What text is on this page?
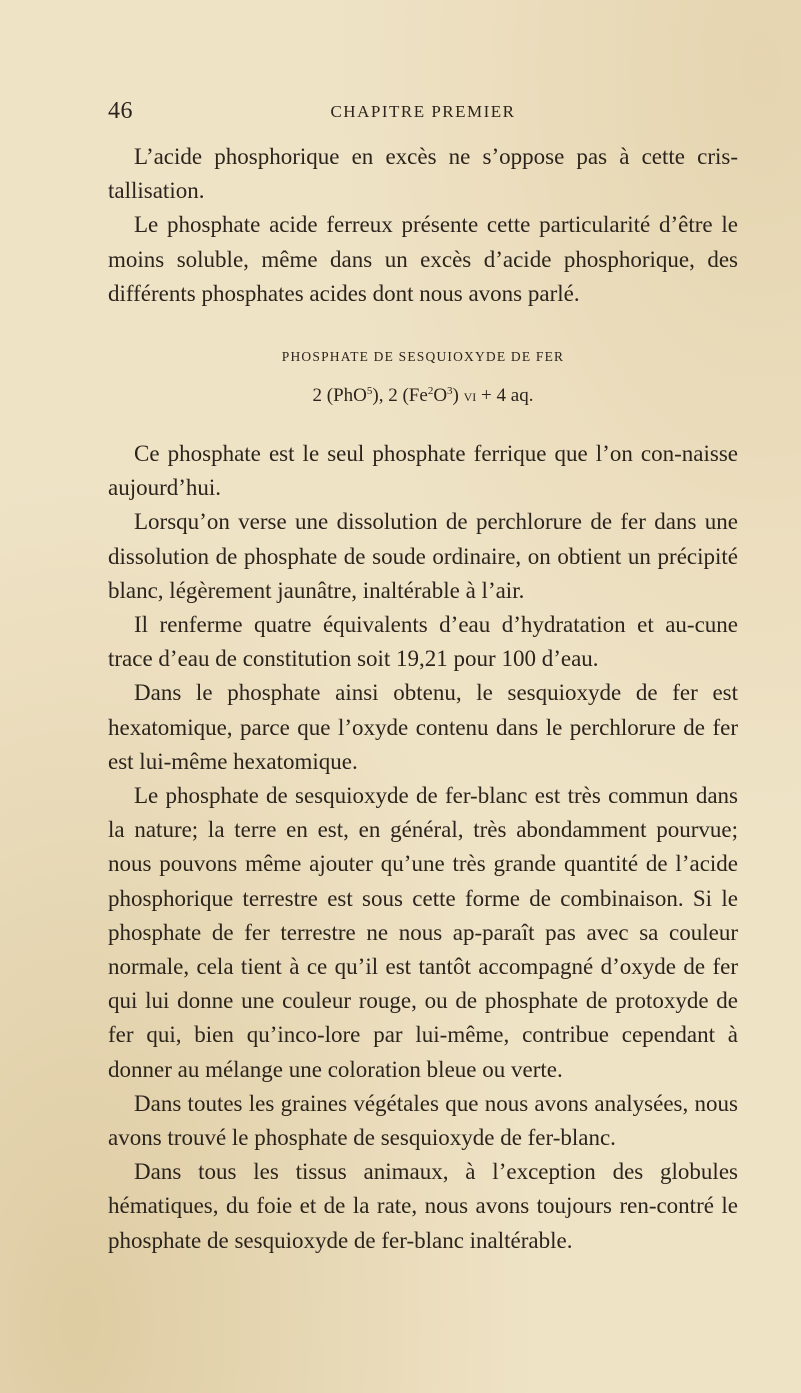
46	CHAPITRE PREMIER

L’acide phosphorique en excès ne s’oppose pas à cette cris-tallisation.

Le phosphate acide ferreux présente cette particularité d’être le moins soluble, même dans un excès d’acide phosphorique, des différents phosphates acides dont nous avons parlé.

PHOSPHATE DE SESQUIOXYDE DE FER

2 (PhO$^5$), 2 $(Fe^2O^3)$ VI + 4 aq.

Ce phosphate est le seul phosphate ferrique que l’on con-naisse aujourd’hui.

Lorsqu’on verse une dissolution de perchlorure de fer dans une dissolution de phosphate de soude ordinaire, on obtient un précipité blanc, légèrement jaunâtre, inaltérable à l’air.

Il renferme quatre équivalents d’eau d’hydratation et au-cune trace d’eau de constitution soit 19,21 pour 100 d’eau.

Dans le phosphate ainsi obtenu, le sesquioxyde de fer est hexatomique, parce que l’oxyde contenu dans le perchlorure de fer est lui-même hexatomique.

Le phosphate de sesquioxyde de fer-blanc est très commun dans la nature; la terre en est, en général, très abondamment pourvue; nous pouvons même ajouter qu’une très grande quantité de l’acide phosphorique terrestre est sous cette forme de combinaison. Si le phosphate de fer terrestre ne nous ap-paraît pas avec sa couleur normale, cela tient à ce qu’il est tantôt accompagné d’oxyde de fer qui lui donne une couleur rouge, ou de phosphate de protoxyde de fer qui, bien qu’inco-lore par lui-même, contribue cependant à donner au mélange une coloration bleue ou verte.

Dans toutes les graines végétales que nous avons analysées, nous avons trouvé le phosphate de sesquioxyde de fer-blanc.

Dans tous les tissus animaux, à l’exception des globules hématiques, du foie et de la rate, nous avons toujours ren-contré le phosphate de sesquioxyde de fer-blanc inaltérable.
